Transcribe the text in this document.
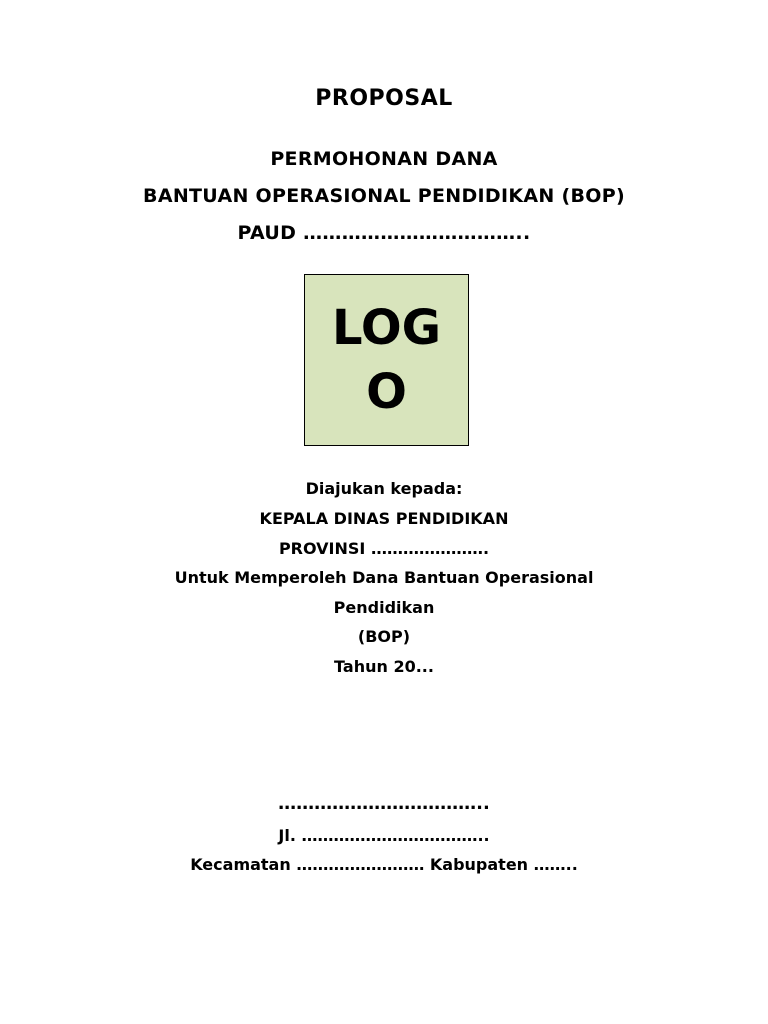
PROPOSAL
PERMOHONAN DANA
BANTUAN OPERASIONAL PENDIDIKAN (BOP)
PAUD ……………………………..
LOGO
Diajukan kepada:
KEPALA DINAS PENDIDIKAN
PROVINSI ………………….
Untuk Memperoleh Dana Bantuan Operasional
Pendidikan
(BOP)
Tahun 20...
……………………………..
Jl. ……………………………..
Kecamatan …………………… Kabupaten ……..
